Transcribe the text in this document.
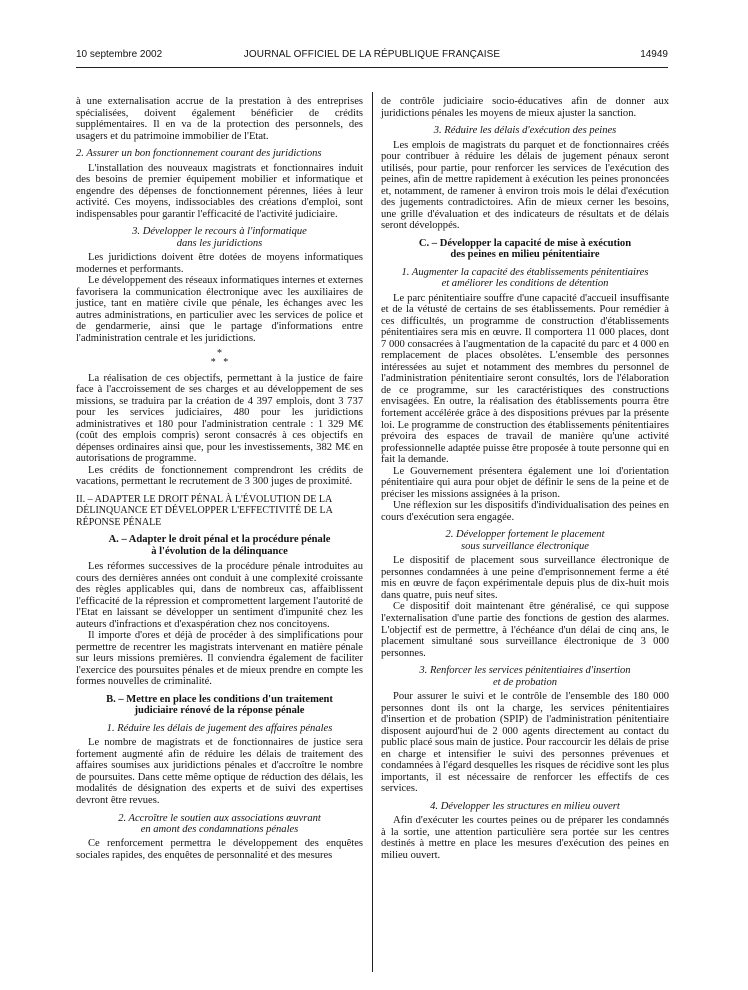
10 septembre 2002	JOURNAL OFFICIEL DE LA RÉPUBLIQUE FRANÇAISE	14949

à une externalisation accrue de la prestation à des entreprises spécialisées, doivent également bénéficier de crédits supplémentaires. Il en va de la protection des personnels, des usagers et du patrimoine immobilier de l'Etat.

2. Assurer un bon fonctionnement courant des juridictions

L'installation des nouveaux magistrats et fonctionnaires induit des besoins de premier équipement mobilier et informatique et engendre des dépenses de fonctionnement pérennes, liées à leur activité. Ces moyens, indissociables des créations d'emploi, sont indispensables pour garantir l'efficacité de l'activité judiciaire.

3. Développer le recours à l'informatique
dans les juridictions

Les juridictions doivent être dotées de moyens informatiques modernes et performants.

Le développement des réseaux informatiques internes et externes favorisera la communication électronique avec les auxiliaires de justice, tant en matière civile que pénale, les échanges avec les autres administrations, en particulier avec les services de police et de gendarmerie, ainsi que le partage d'informations entre l'administration centrale et les juridictions.

*
*   *

La réalisation de ces objectifs, permettant à la justice de faire face à l'accroissement de ses charges et au développement de ses missions, se traduira par la création de 4 397 emplois, dont 3 737 pour les services judiciaires, 480 pour les juridictions administratives et 180 pour l'administration centrale : 1 329 M€ (coût des emplois compris) seront consacrés à ces objectifs en dépenses ordinaires ainsi que, pour les investissements, 382 M€ en autorisations de programme.

Les crédits de fonctionnement comprendront les crédits de vacations, permettant le recrutement de 3 300 juges de proximité.

II. – ADAPTER LE DROIT PÉNAL À L'ÉVOLUTION DE LA DÉLINQUANCE ET DÉVELOPPER L'EFFECTIVITÉ DE LA RÉPONSE PÉNALE
A. – Adapter le droit pénal et la procédure pénale
à l'évolution de la délinquance

Les réformes successives de la procédure pénale introduites au cours des dernières années ont conduit à une complexité croissante des règles applicables qui, dans de nombreux cas, affaiblissent l'efficacité de la répression et compromettent largement l'autorité de l'Etat en laissant se développer un sentiment d'impunité chez les auteurs d'infractions et d'exaspération chez nos concitoyens.

Il importe d'ores et déjà de procéder à des simplifications pour permettre de recentrer les magistrats intervenant en matière pénale sur leurs missions premières. Il conviendra également de faciliter l'exercice des poursuites pénales et de mieux prendre en compte les formes nouvelles de criminalité.

B. – Mettre en place les conditions d'un traitement
judiciaire rénové de la réponse pénale
1. Réduire les délais de jugement des affaires pénales

Le nombre de magistrats et de fonctionnaires de justice sera fortement augmenté afin de réduire les délais de traitement des affaires soumises aux juridictions pénales et d'accroître le nombre de poursuites. Dans cette même optique de réduction des délais, les modalités de désignation des experts et de suivi des expertises devront être revues.

2. Accroître le soutien aux associations œuvrant
en amont des condamnations pénales

Ce renforcement permettra le développement des enquêtes sociales rapides, des enquêtes de personnalité et des mesures

de contrôle judiciaire socio-éducatives afin de donner aux juridictions pénales les moyens de mieux ajuster la sanction.

3. Réduire les délais d'exécution des peines

Les emplois de magistrats du parquet et de fonctionnaires créés pour contribuer à réduire les délais de jugement pénaux seront utilisés, pour partie, pour renforcer les services de l'exécution des peines, afin de mettre rapidement à exécution les peines prononcées et, notamment, de ramener à environ trois mois le délai d'exécution des jugements contradictoires. Afin de mieux cerner les besoins, une grille d'évaluation et des indicateurs de résultats et de délais seront développés.

C. – Développer la capacité de mise à exécution
des peines en milieu pénitentiaire
1. Augmenter la capacité des établissements pénitentiaires
et améliorer les conditions de détention

Le parc pénitentiaire souffre d'une capacité d'accueil insuffisante et de la vétusté de certains de ses établissements. Pour remédier à ces difficultés, un programme de construction d'établissements pénitentiaires sera mis en œuvre. Il comportera 11 000 places, dont 7 000 consacrées à l'augmentation de la capacité du parc et 4 000 en remplacement de places obsolètes. L'ensemble des personnes intéressées au sujet et notamment des membres du personnel de l'administration pénitentiaire seront consultés, lors de l'élaboration de ce programme, sur les caractéristiques des constructions envisagées. En outre, la réalisation des établissements pourra être fortement accélérée grâce à des dispositions prévues par la présente loi. Le programme de construction des établissements pénitentiaires prévoira des espaces de travail de manière qu'une activité professionnelle adaptée puisse être proposée à toute personne qui en fait la demande.

Le Gouvernement présentera également une loi d'orientation pénitentiaire qui aura pour objet de définir le sens de la peine et de préciser les missions assignées à la prison.

Une réflexion sur les dispositifs d'individualisation des peines en cours d'exécution sera engagée.

2. Développer fortement le placement
sous surveillance électronique

Le dispositif de placement sous surveillance électronique de personnes condamnées à une peine d'emprisonnement ferme a été mis en œuvre de façon expérimentale depuis plus de dix-huit mois dans quatre, puis neuf sites.

Ce dispositif doit maintenant être généralisé, ce qui suppose l'externalisation d'une partie des fonctions de gestion des alarmes. L'objectif est de permettre, à l'échéance d'un délai de cinq ans, le placement simultané sous surveillance électronique de 3 000 personnes.

3. Renforcer les services pénitentiaires d'insertion
et de probation

Pour assurer le suivi et le contrôle de l'ensemble des 180 000 personnes dont ils ont la charge, les services pénitentiaires d'insertion et de probation (SPIP) de l'administration pénitentiaire disposent aujourd'hui de 2 000 agents directement au contact du public placé sous main de justice. Pour raccourcir les délais de prise en charge et intensifier le suivi des personnes prévenues et condamnées à l'égard desquelles les risques de récidive sont les plus importants, il est nécessaire de renforcer les effectifs de ces services.

4. Développer les structures en milieu ouvert

Afin d'exécuter les courtes peines ou de préparer les condamnés à la sortie, une attention particulière sera portée sur les centres destinés à mettre en place les mesures d'exécution des peines en milieu ouvert.
